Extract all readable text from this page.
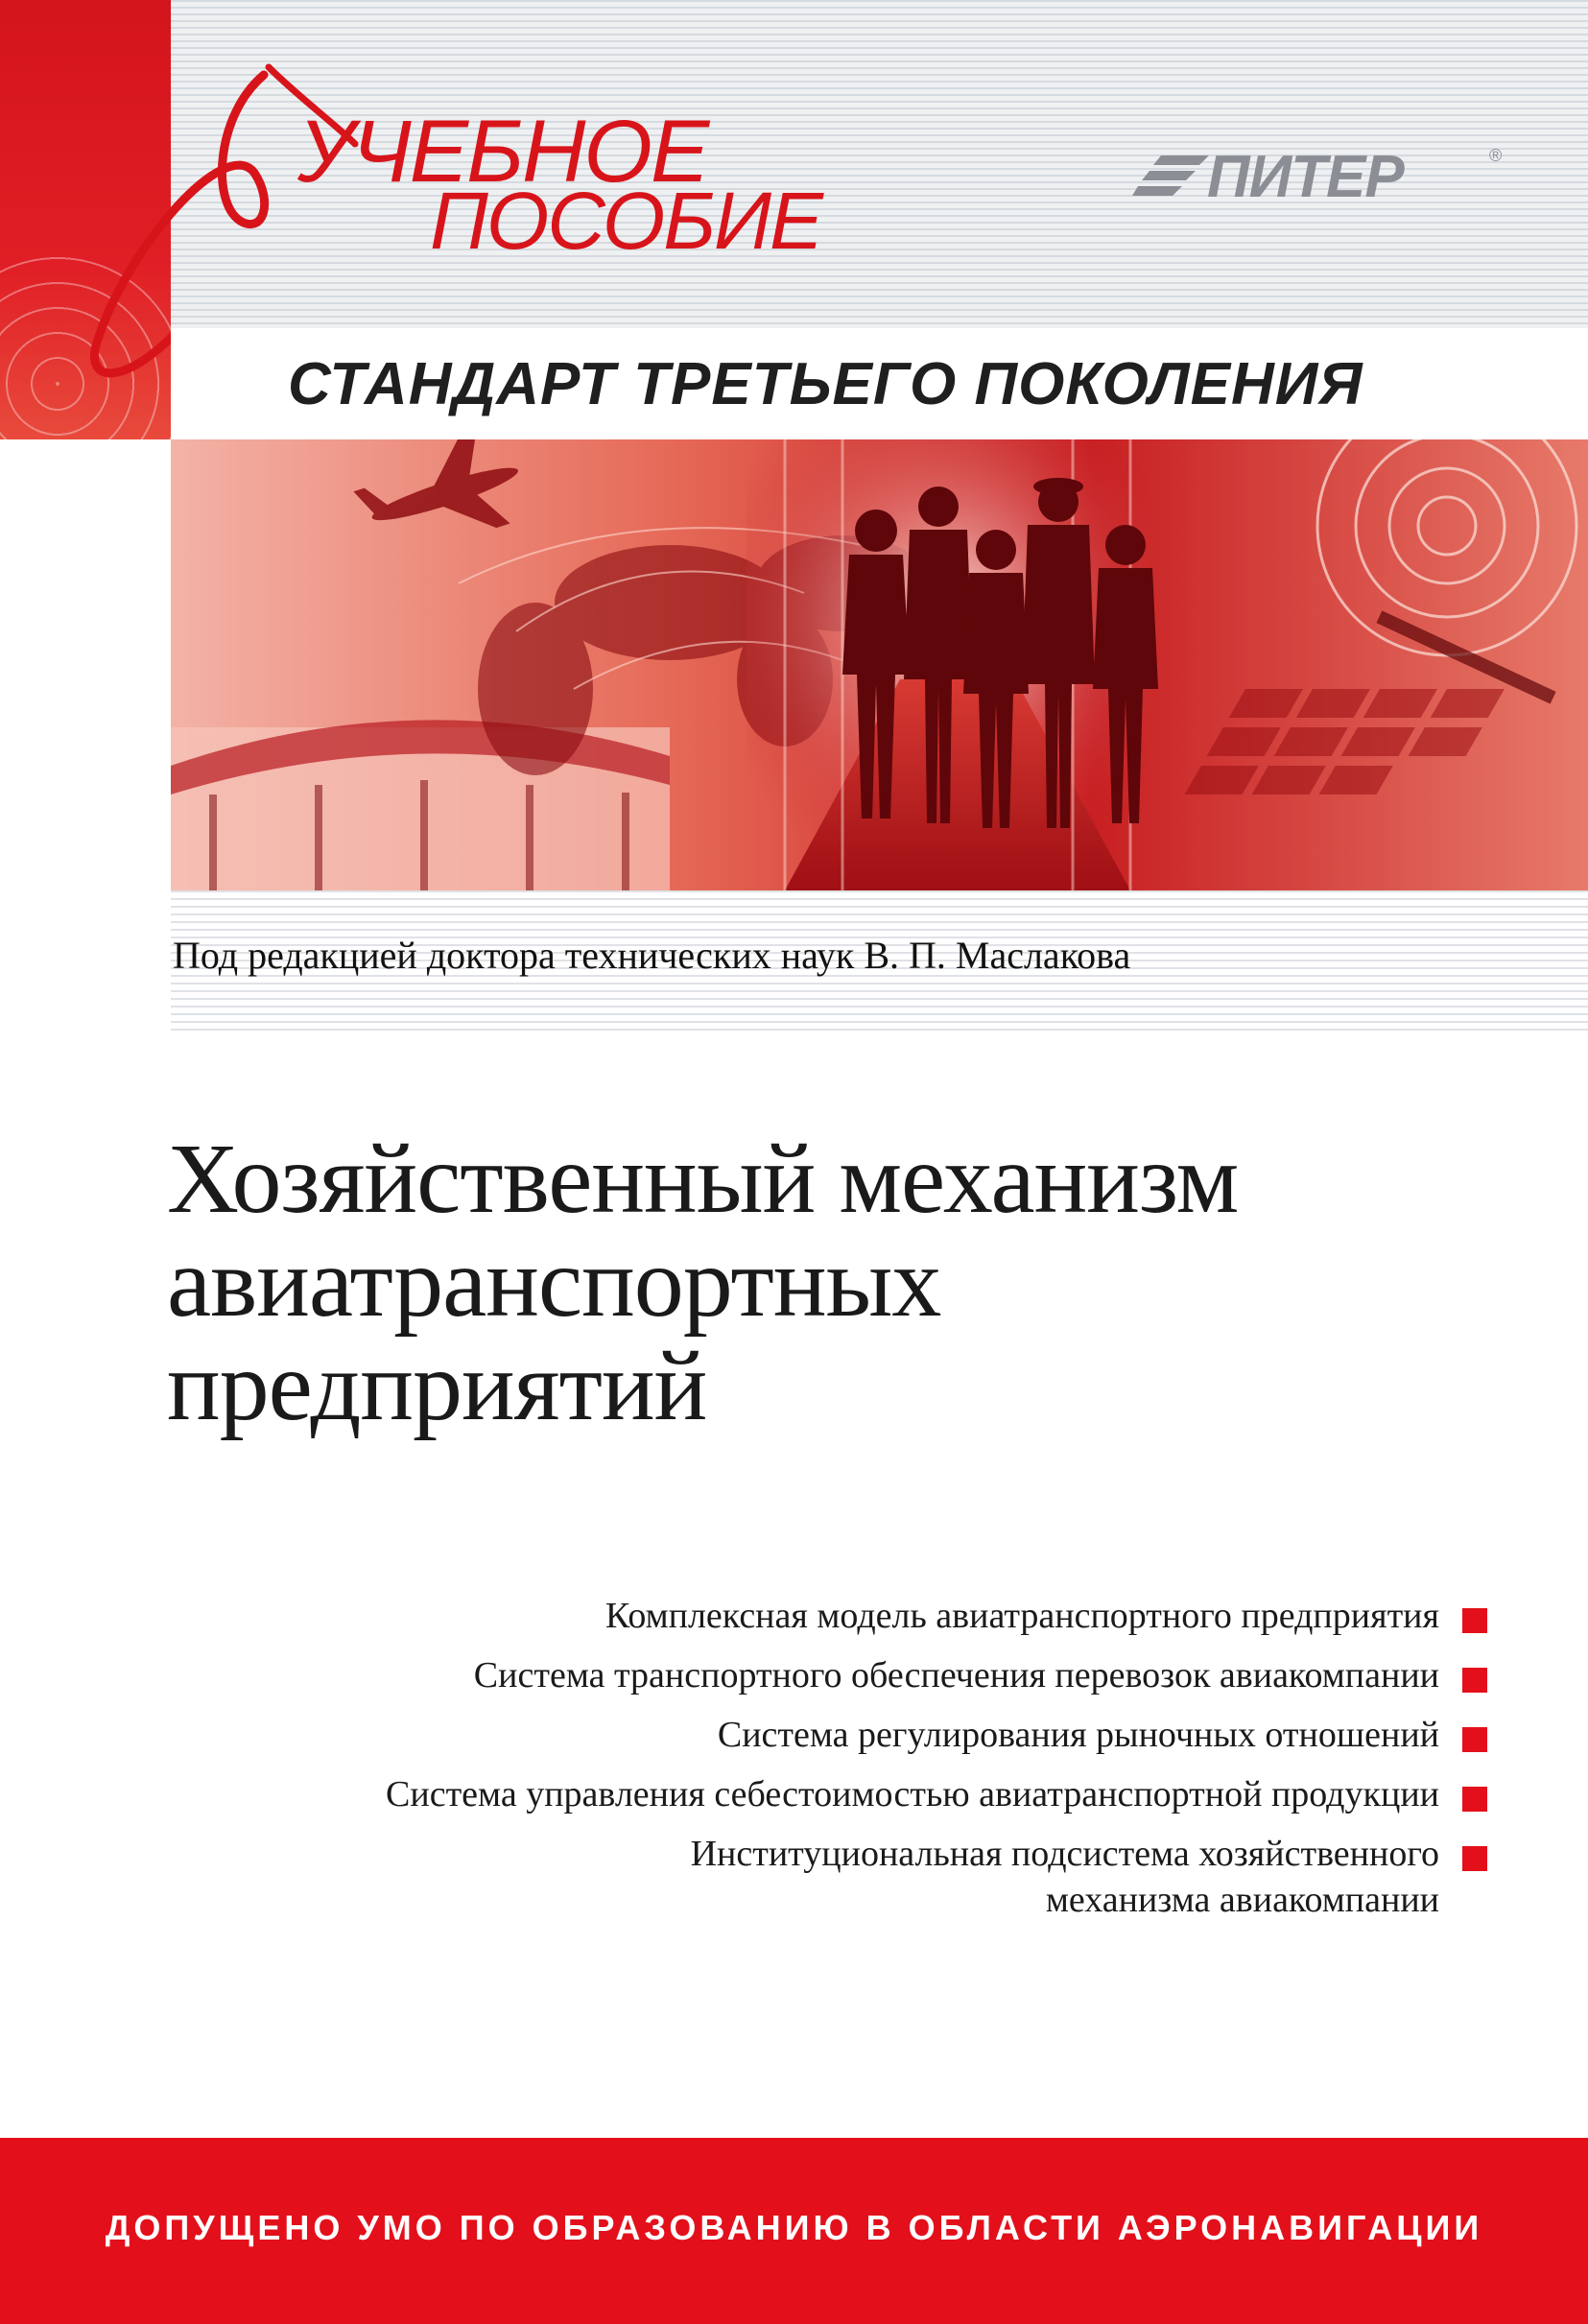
УЧЕБНОЕ
ПОСОБИЕ	ПИТЕР	®
СТАНДАРТ ТРЕТЬЕГО ПОКОЛЕНИЯ
Под редакцией доктора технических наук В. П. Маслакова
Хозяйственный механизм
авиатранспортных
предприятий
Комплексная модель авиатранспортного предприятия
Система транспортного обеспечения перевозок авиакомпании
Система регулирования рыночных отношений
Система управления себестоимостью авиатранспортной продукции
Институциональная подсистема хозяйственного
механизма авиакомпании
ДОПУЩЕНО УМО ПО ОБРАЗОВАНИЮ В ОБЛАСТИ АЭРОНАВИГАЦИИ
